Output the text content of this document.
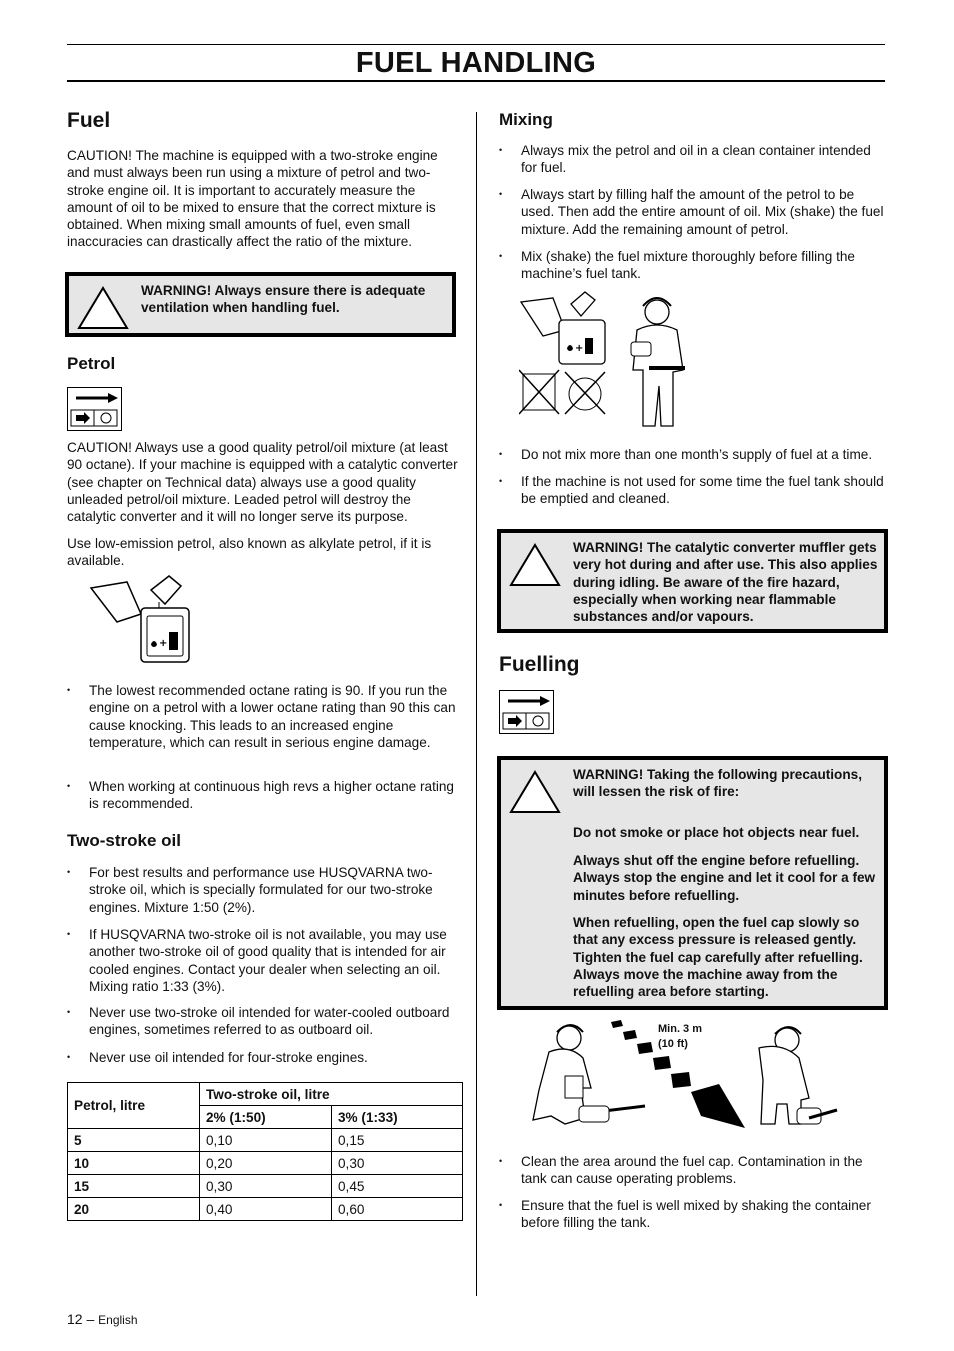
FUEL HANDLING
Fuel

CAUTION! The machine is equipped with a two-stroke engine and must always been run using a mixture of petrol and two-stroke engine oil. It is important to accurately measure the amount of oil to be mixed to ensure that the correct mixture is obtained. When mixing small amounts of fuel, even small inaccuracies can drastically affect the ratio of the mixture.

WARNING! Always ensure there is adequate ventilation when handling fuel.
Petrol

CAUTION! Always use a good quality petrol/oil mixture (at least 90 octane). If your machine is equipped with a catalytic converter (see chapter on Technical data) always use a good quality unleaded petrol/oil mixture. Leaded petrol will destroy the catalytic converter and it will no longer serve its purpose.

Use low-emission petrol, also known as alkylate petrol, if it is available.

+
• The lowest recommended octane rating is 90. If you run the engine on a petrol with a lower octane rating than 90 this can cause knocking. This leads to an increased engine temperature, which can result in serious engine damage.
• When working at continuous high revs a higher octane rating is recommended.
Two-stroke oil
• For best results and performance use HUSQVARNA two-stroke oil, which is specially formulated for our two-stroke engines. Mixture 1:50 (2%).
• If HUSQVARNA two-stroke oil is not available, you may use another two-stroke oil of good quality that is intended for air cooled engines. Contact your dealer when selecting an oil. Mixing ratio 1:33 (3%).
• Never use two-stroke oil intended for water-cooled outboard engines, sometimes referred to as outboard oil.
• Never use oil intended for four-stroke engines.
Petrol, litre	Two-stroke oil, litre	
	2% (1:50)	3% (1:33)
5	0,10	0,15
10	0,20	0,30
15	0,30	0,45
20	0,40	0,60
Mixing
• Always mix the petrol and oil in a clean container intended for fuel.
• Always start by filling half the amount of the petrol to be used. Then add the entire amount of oil. Mix (shake) the fuel mixture. Add the remaining amount of petrol.
• Mix (shake) the fuel mixture thoroughly before filling the machine’s fuel tank.
+
• Do not mix more than one month’s supply of fuel at a time.
• If the machine is not used for some time the fuel tank should be emptied and cleaned.
WARNING! The catalytic converter muffler gets very hot during and after use. This also applies during idling. Be aware of the fire hazard, especially when working near flammable substances and/or vapours.
Fuelling
WARNING! Taking the following precautions, will lessen the risk of fire:
Do not smoke or place hot objects near fuel.
Always shut off the engine before refuelling. Always stop the engine and let it cool for a few minutes before refuelling.
When refuelling, open the fuel cap slowly so that any excess pressure is released gently. Tighten the fuel cap carefully after refuelling. Always move the machine away from the refuelling area before starting.
Min. 3 m
(10 ft)
• Clean the area around the fuel cap. Contamination in the tank can cause operating problems.
• Ensure that the fuel is well mixed by shaking the container before filling the tank.
12 – English
